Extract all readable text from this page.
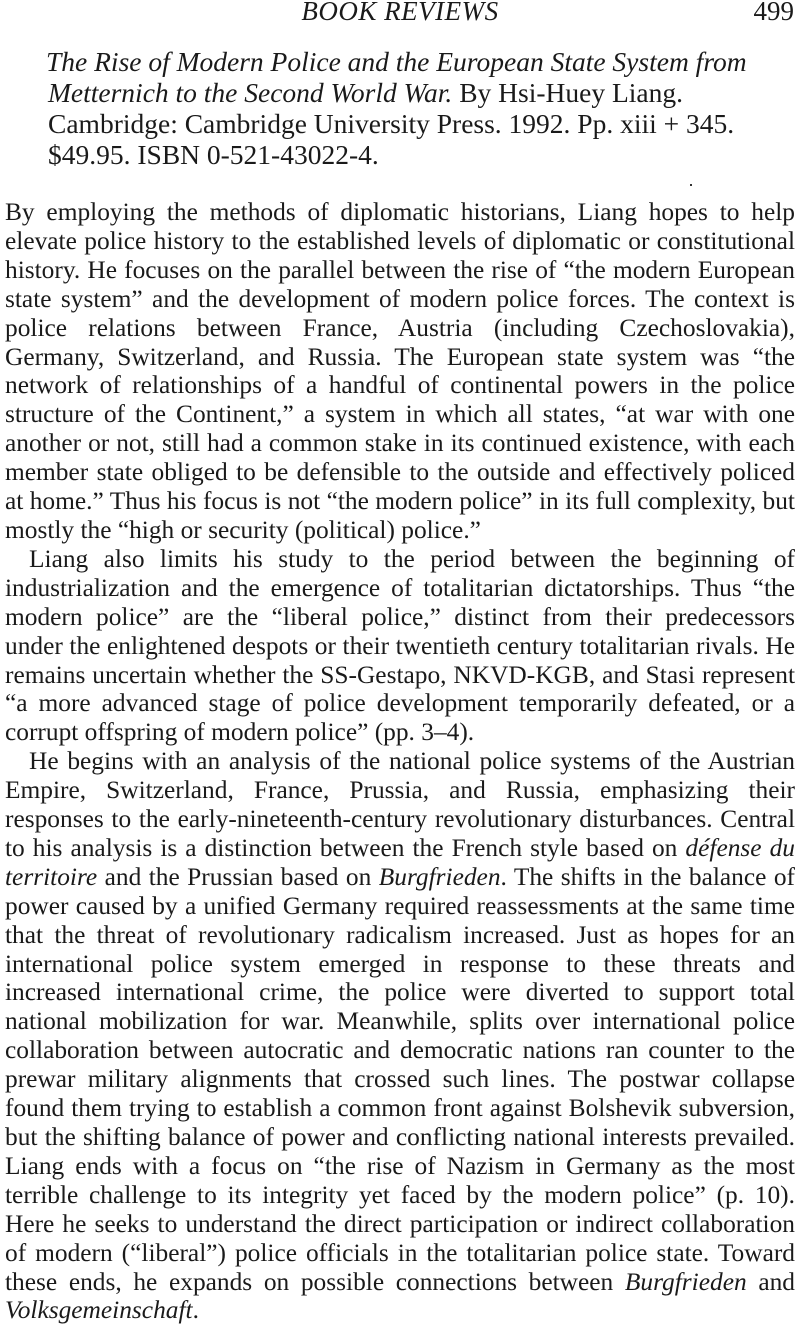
BOOK REVIEWS	499

The Rise of Modern Police and the European State System from Metternich to the Second World War. By Hsi-Huey Liang. Cambridge: Cambridge University Press. 1992. Pp. xiii + 345. $49.95. ISBN 0-521-43022-4.

By employing the methods of diplomatic historians, Liang hopes to help elevate police history to the established levels of diplomatic or constitutional history. He focuses on the parallel between the rise of “the modern European state system” and the development of modern police forces. The context is police relations between France, Austria (including Czechoslovakia), Germany, Switzerland, and Russia. The European state system was “the network of relationships of a handful of continental powers in the police structure of the Continent,” a system in which all states, “at war with one another or not, still had a common stake in its continued existence, with each member state obliged to be defensible to the outside and effectively policed at home.” Thus his focus is not “the modern police” in its full complexity, but mostly the “high or security (political) police.”

Liang also limits his study to the period between the beginning of industrialization and the emergence of totalitarian dictatorships. Thus “the modern police” are the “liberal police,” distinct from their predecessors under the enlightened despots or their twentieth century totalitarian rivals. He remains uncertain whether the SS-Gestapo, NKVD-KGB, and Stasi represent “a more advanced stage of police development temporarily defeated, or a corrupt offspring of modern police” (pp. 3–4).

He begins with an analysis of the national police systems of the Austrian Empire, Switzerland, France, Prussia, and Russia, emphasizing their responses to the early-nineteenth-century revolutionary disturbances. Central to his analysis is a distinction between the French style based on défense du territoire and the Prussian based on Burgfrieden. The shifts in the balance of power caused by a unified Germany required reassessments at the same time that the threat of revolutionary radicalism increased. Just as hopes for an international police system emerged in response to these threats and increased international crime, the police were diverted to support total national mobilization for war. Meanwhile, splits over international police collaboration between autocratic and democratic nations ran counter to the prewar military alignments that crossed such lines. The postwar collapse found them trying to establish a common front against Bolshevik subversion, but the shifting balance of power and conflicting national interests prevailed. Liang ends with a focus on “the rise of Nazism in Germany as the most terrible challenge to its integrity yet faced by the modern police” (p. 10). Here he seeks to understand the direct participation or indirect collaboration of modern (“liberal”) police officials in the totalitarian police state. Toward these ends, he expands on possible connections between Burgfrieden and Volksgemeinschaft.
